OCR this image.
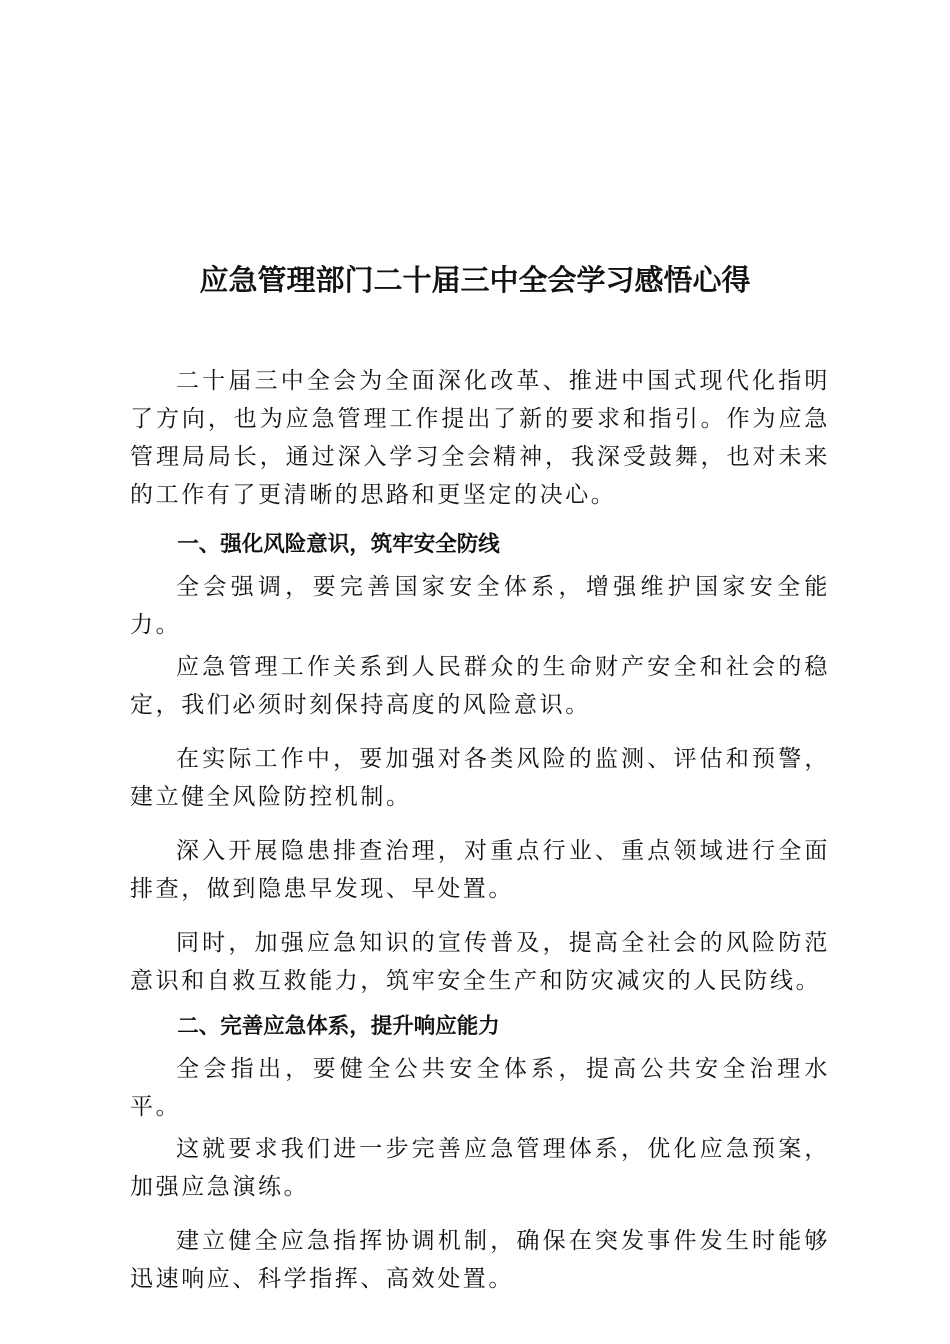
应急管理部门二十届三中全会学习感悟心得

二十届三中全会为全面深化改革、推进中国式现代化指明了方向，也为应急管理工作提出了新的要求和指引。作为应急管理局局长，通过深入学习全会精神，我深受鼓舞，也对未来的工作有了更清晰的思路和更坚定的决心。

一、强化风险意识，筑牢安全防线

全会强调，要完善国家安全体系，增强维护国家安全能力。

应急管理工作关系到人民群众的生命财产安全和社会的稳定，我们必须时刻保持高度的风险意识。

在实际工作中，要加强对各类风险的监测、评估和预警，建立健全风险防控机制。

深入开展隐患排查治理，对重点行业、重点领域进行全面排查，做到隐患早发现、早处置。

同时，加强应急知识的宣传普及，提高全社会的风险防范意识和自救互救能力，筑牢安全生产和防灾减灾的人民防线。

二、完善应急体系，提升响应能力

全会指出，要健全公共安全体系，提高公共安全治理水平。

这就要求我们进一步完善应急管理体系，优化应急预案，加强应急演练。

建立健全应急指挥协调机制，确保在突发事件发生时能够迅速响应、科学指挥、高效处置。
